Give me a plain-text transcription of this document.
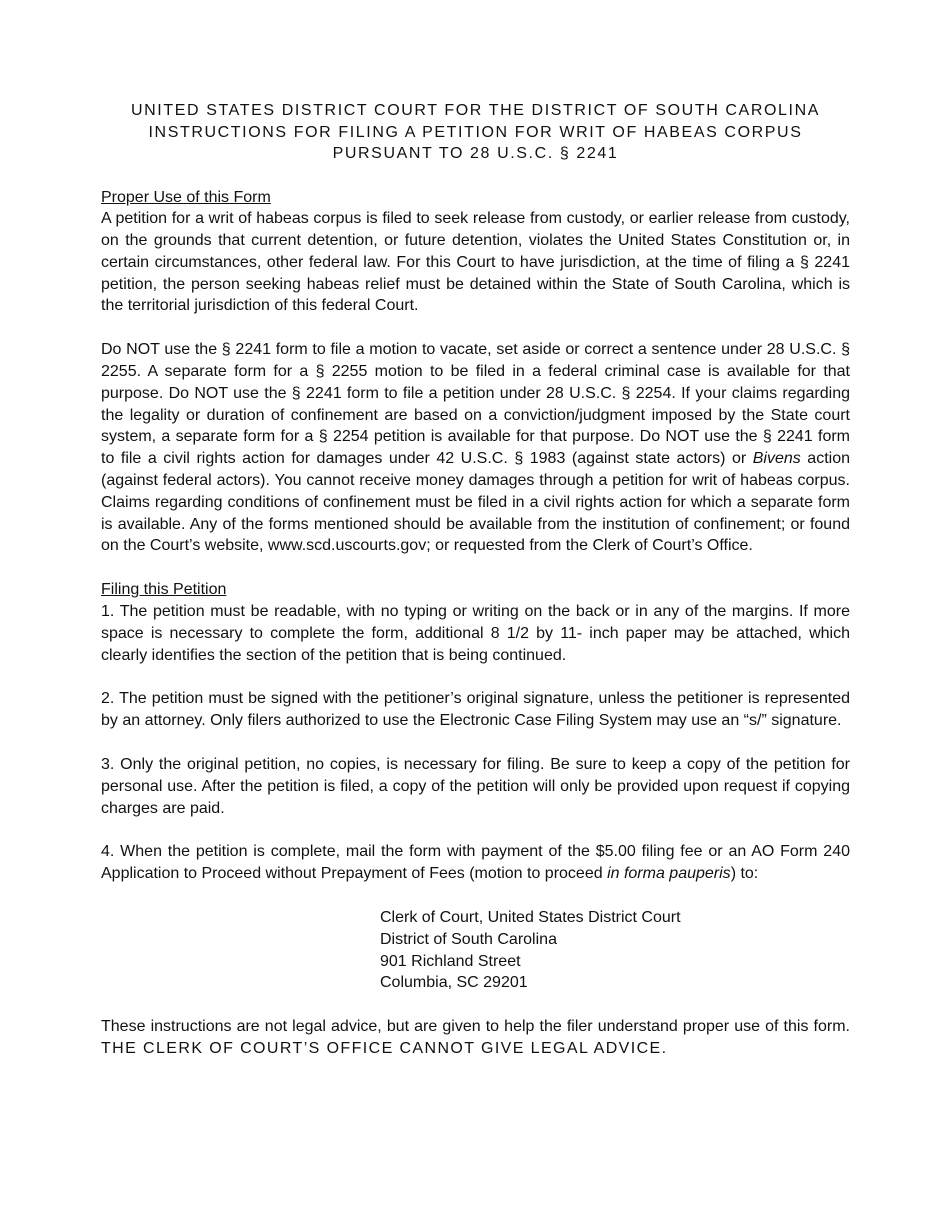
UNITED STATES DISTRICT COURT FOR THE DISTRICT OF SOUTH CAROLINA
INSTRUCTIONS FOR FILING A PETITION FOR WRIT OF HABEAS CORPUS
PURSUANT TO 28 U.S.C. § 2241
Proper Use of this Form

A petition for a writ of habeas corpus is filed to seek release from custody, or earlier release from custody, on the grounds that current detention, or future detention, violates the United States Constitution or, in certain circumstances, other federal law. For this Court to have jurisdiction, at the time of filing a § 2241 petition, the person seeking habeas relief must be detained within the State of South Carolina, which is the territorial jurisdiction of this federal Court.

Do NOT use the § 2241 form to file a motion to vacate, set aside or correct a sentence under 28 U.S.C. § 2255. A separate form for a § 2255 motion to be filed in a federal criminal case is available for that purpose. Do NOT use the § 2241 form to file a petition under 28 U.S.C. § 2254. If your claims regarding the legality or duration of confinement are based on a conviction/judgment imposed by the State court system, a separate form for a § 2254 petition is available for that purpose. Do NOT use the § 2241 form to file a civil rights action for damages under 42 U.S.C. § 1983 (against state actors) or Bivens action (against federal actors). You cannot receive money damages through a petition for writ of habeas corpus. Claims regarding conditions of confinement must be filed in a civil rights action for which a separate form is available. Any of the forms mentioned should be available from the institution of confinement; or found on the Court’s website, www.scd.uscourts.gov; or requested from the Clerk of Court’s Office.

Filing this Petition

1. The petition must be readable, with no typing or writing on the back or in any of the margins. If more space is necessary to complete the form, additional 8 1/2 by 11- inch paper may be attached, which clearly identifies the section of the petition that is being continued.

2. The petition must be signed with the petitioner’s original signature, unless the petitioner is represented by an attorney. Only filers authorized to use the Electronic Case Filing System may use an “s/” signature.

3. Only the original petition, no copies, is necessary for filing. Be sure to keep a copy of the petition for personal use. After the petition is filed, a copy of the petition will only be provided upon request if copying charges are paid.

4. When the petition is complete, mail the form with payment of the $5.00 filing fee or an AO Form 240 Application to Proceed without Prepayment of Fees (motion to proceed in forma pauperis) to:

Clerk of Court, United States District Court
District of South Carolina
901 Richland Street
Columbia, SC 29201

These instructions are not legal advice, but are given to help the filer understand proper use of this form. THE CLERK OF COURT’S OFFICE CANNOT GIVE LEGAL ADVICE.
